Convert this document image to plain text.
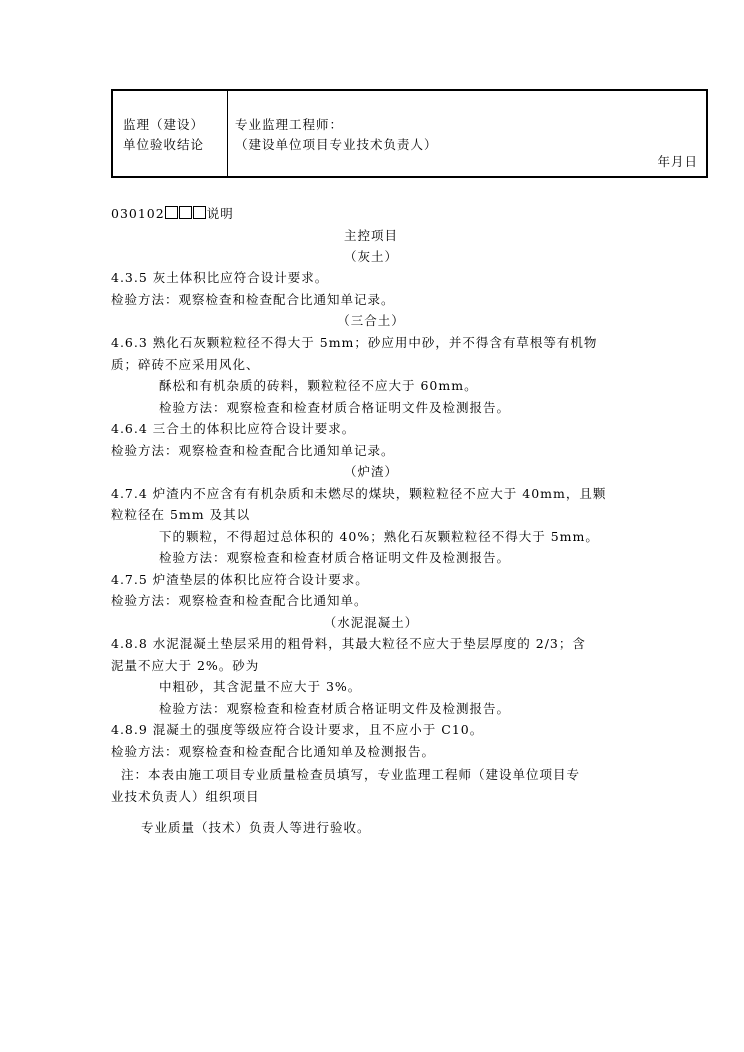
监理（建设）
单位验收结论
专业监理工程师：
（建设单位项目专业技术负责人）
年月日
030102	说明
主控项目
（灰土）
4.3.5 灰土体积比应符合设计要求。
检验方法：观察检查和检查配合比通知单记录。
（三合土）
4.6.3 熟化石灰颗粒粒径不得大于 5mm；砂应用中砂，并不得含有草根等有机物
质；碎砖不应采用风化、
酥松和有机杂质的砖料，颗粒粒径不应大于 60mm。
检验方法：观察检查和检查材质合格证明文件及检测报告。
4.6.4 三合土的体积比应符合设计要求。
检验方法：观察检查和检查配合比通知单记录。
（炉渣）
4.7.4 炉渣内不应含有有机杂质和未燃尽的煤块，颗粒粒径不应大于 40mm，且颗
粒粒径在 5mm 及其以
下的颗粒，不得超过总体积的 40%；熟化石灰颗粒粒径不得大于 5mm。
检验方法：观察检查和检查材质合格证明文件及检测报告。
4.7.5 炉渣垫层的体积比应符合设计要求。
检验方法：观察检查和检查配合比通知单。
（水泥混凝土）
4.8.8 水泥混凝土垫层采用的粗骨料，其最大粒径不应大于垫层厚度的 2/3；含
泥量不应大于 2%。砂为
中粗砂，其含泥量不应大于 3%。
检验方法：观察检查和检查材质合格证明文件及检测报告。
4.8.9 混凝土的强度等级应符合设计要求，且不应小于 C10。
检验方法：观察检查和检查配合比通知单及检测报告。
注：本表由施工项目专业质量检查员填写，专业监理工程师（建设单位项目专
业技术负责人）组织项目
专业质量（技术）负责人等进行验收。
